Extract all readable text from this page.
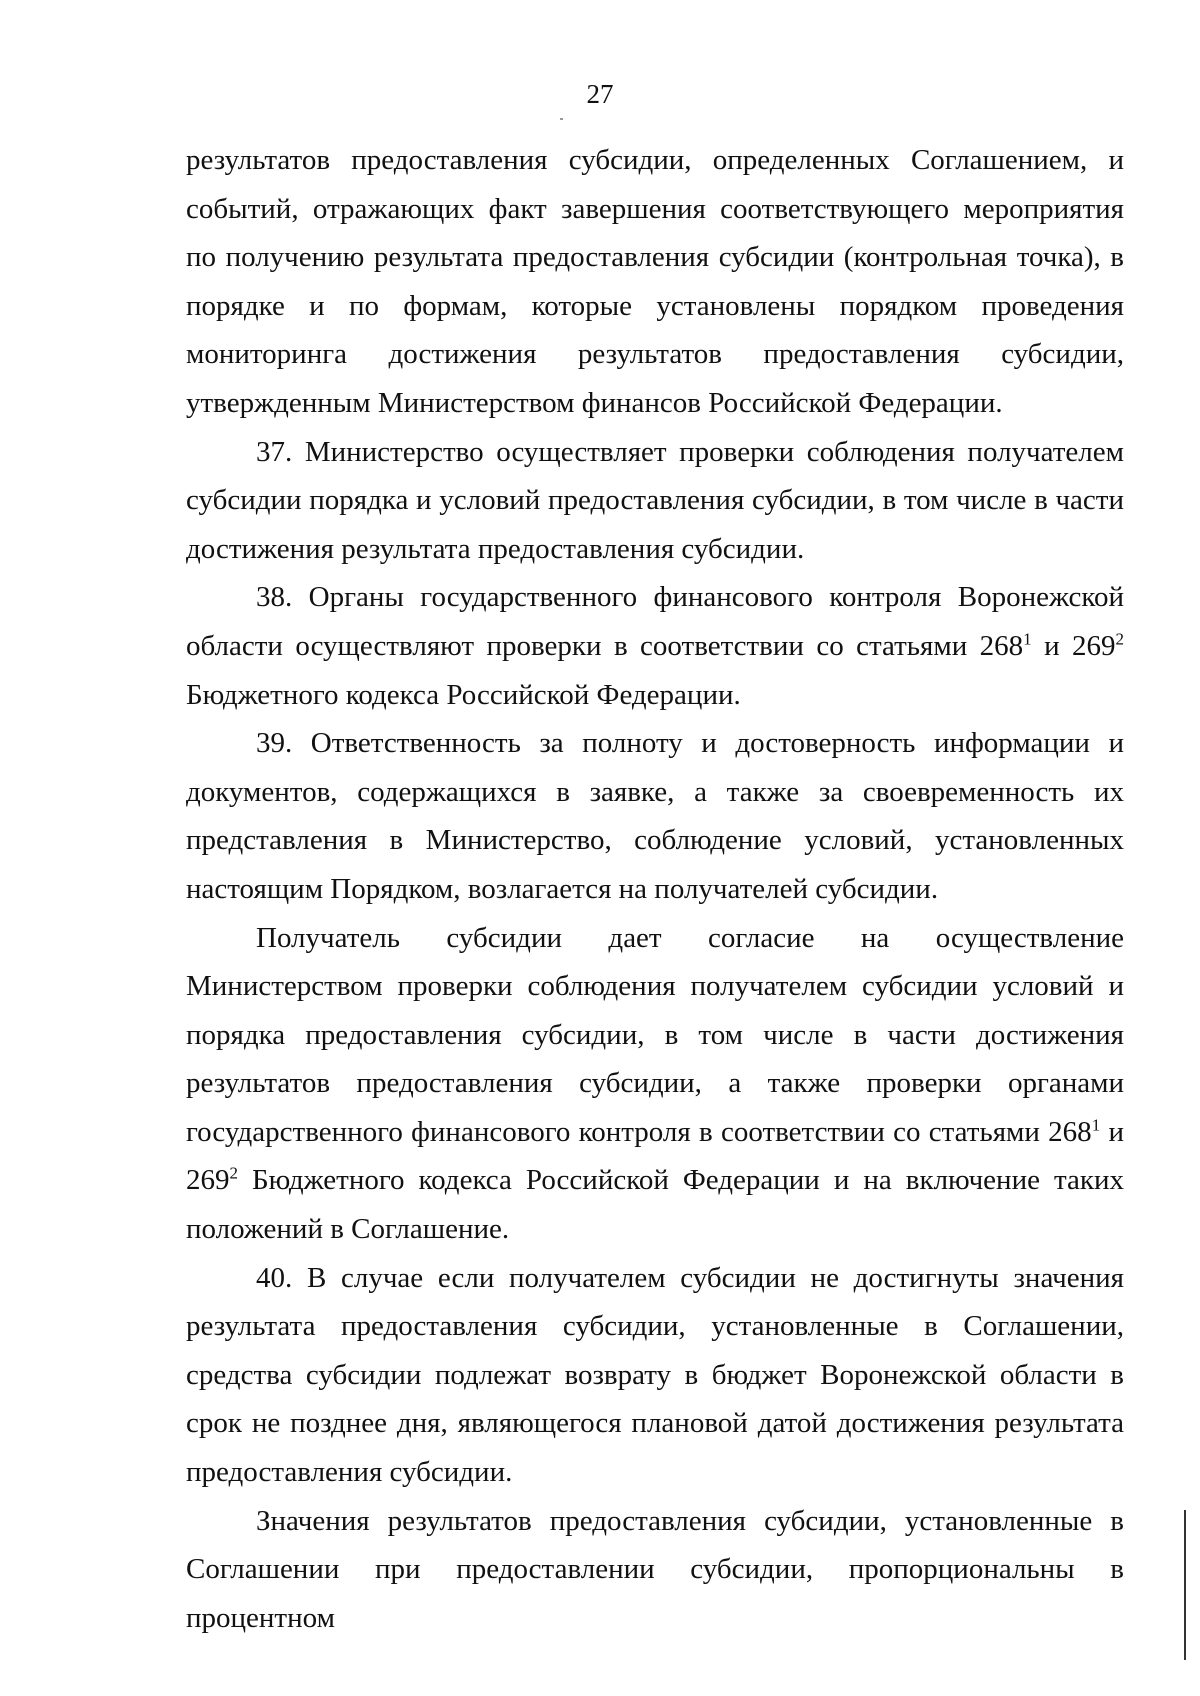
27

результатов предоставления субсидии, определенных Соглашением, и событий, отражающих факт завершения соответствующего мероприятия по получению результата предоставления субсидии (контрольная точка), в порядке и по формам, которые установлены порядком проведения мониторинга достижения результатов предоставления субсидии, утвержденным Министерством финансов Российской Федерации.

37. Министерство осуществляет проверки соблюдения получателем субсидии порядка и условий предоставления субсидии, в том числе в части достижения результата предоставления субсидии.

38. Органы государственного финансового контроля Воронежской области осуществляют проверки в соответствии со статьями $268^1$ и $269^2$ Бюджетного кодекса Российской Федерации.

39. Ответственность за полноту и достоверность информации и документов, содержащихся в заявке, а также за своевременность их представления в Министерство, соблюдение условий, установленных настоящим Порядком, возлагается на получателей субсидии.

Получатель субсидии дает согласие на осуществление Министерством проверки соблюдения получателем субсидии условий и порядка предоставления субсидии, в том числе в части достижения результатов предоставления субсидии, а также проверки органами государственного финансового контроля в соответствии со статьями $268^1$ и $269^2$ Бюджетного кодекса Российской Федерации и на включение таких положений в Соглашение.

40. В случае если получателем субсидии не достигнуты значения результата предоставления субсидии, установленные в Соглашении, средства субсидии подлежат возврату в бюджет Воронежской области в срок не позднее дня, являющегося плановой датой достижения результата предоставления субсидии.

Значения результатов предоставления субсидии, установленные в Соглашении при предоставлении субсидии, пропорциональны в процентном
